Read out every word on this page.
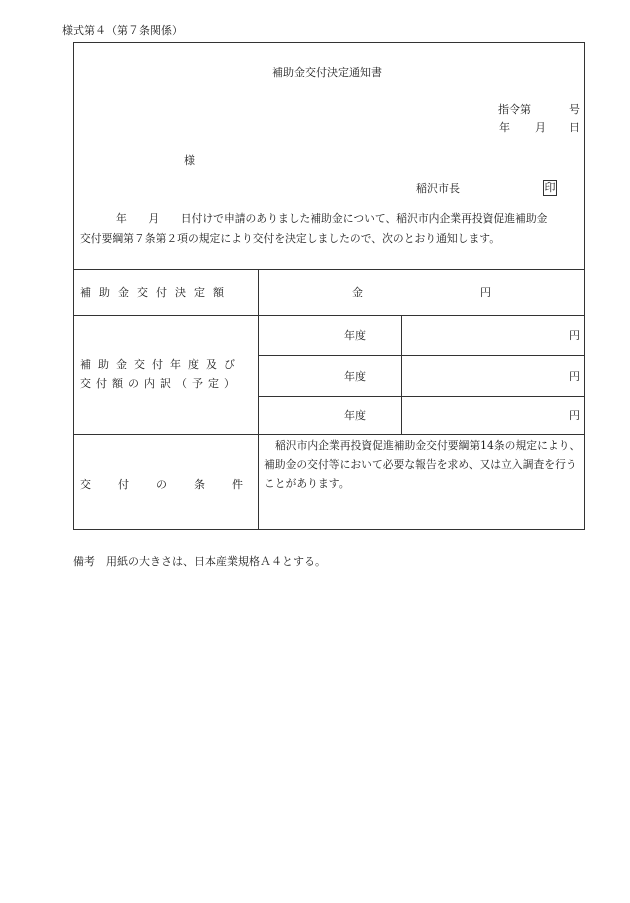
様式第４（第７条関係）
補助金交付決定通知書
指令第	号
年 月 日
様
稲沢市長	印
年　　月　　日付けで申請のありました補助金について、稲沢市内企業再投資促進補助金
交付要綱第７条第２項の規定により交付を決定しましたので、次のとおり通知します。
補助金交付決定額	金	円
補助金交付年度及び
交付額の内訳（予定）
年度	円
年度	円
年度	円
交付の条件
稲沢市内企業再投資促進補助金交付要綱第14条の規定により、補助金の交付等において必要な報告を求め、又は立入調査を行うことがあります。
備考 用紙の大きさは、日本産業規格Ａ４とする。
